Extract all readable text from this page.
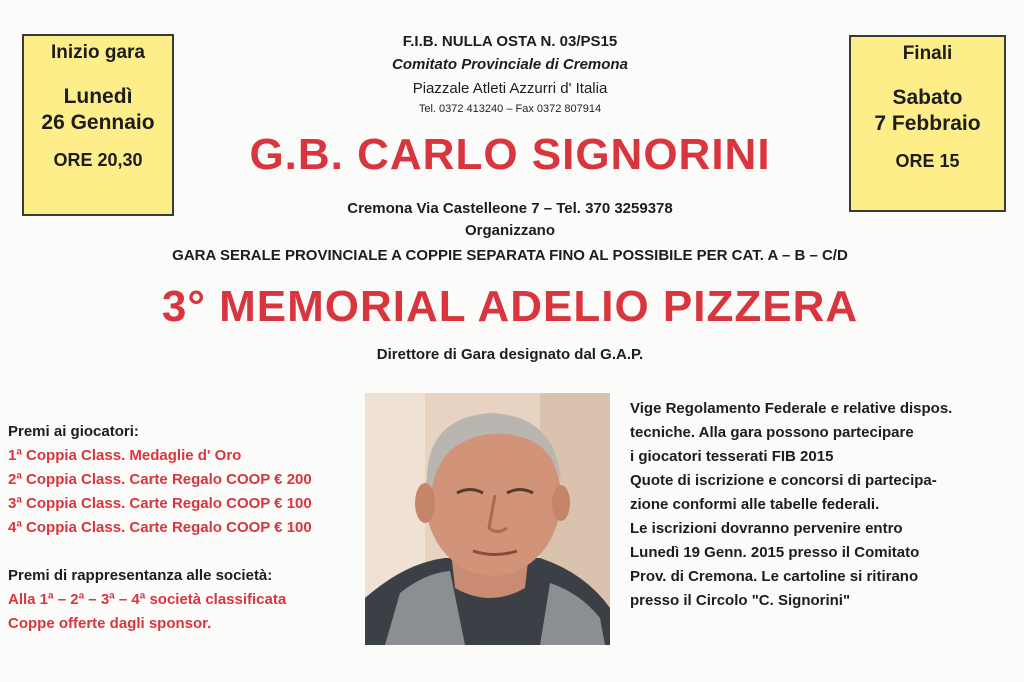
Inizio gara
Lunedì
26 Gennaio
ORE 20,30
Finali
Sabato
7 Febbraio
ORE 15
F.I.B. NULLA OSTA N. 03/PS15
Comitato Provinciale di Cremona
Piazzale Atleti Azzurri d' Italia
Tel. 0372 413240 – Fax 0372 807914
G.B. CARLO SIGNORINI
Cremona Via Castelleone 7 – Tel. 370 3259378
Organizzano
GARA SERALE PROVINCIALE A COPPIE SEPARATA FINO AL POSSIBILE PER CAT. A – B – C/D
3° MEMORIAL ADELIO PIZZERA
Direttore di Gara designato dal G.A.P.
Premi ai giocatori:
1ª Coppia Class. Medaglie d' Oro
2ª Coppia Class. Carte Regalo COOP € 200
3ª Coppia Class. Carte Regalo COOP € 100
4ª Coppia Class. Carte Regalo COOP € 100
Premi di rappresentanza alle società:
Alla 1ª – 2ª – 3ª – 4ª società classificata
Coppe offerte dagli sponsor.
Vige Regolamento Federale e relative dispos.
tecniche. Alla gara possono partecipare
i giocatori tesserati FIB 2015
Quote di iscrizione e concorsi di partecipa-
zione conformi alle tabelle federali.
Le iscrizioni dovranno pervenire entro
Lunedì 19 Genn. 2015 presso il Comitato
Prov. di Cremona. Le cartoline si ritirano
presso il Circolo "C. Signorini"
